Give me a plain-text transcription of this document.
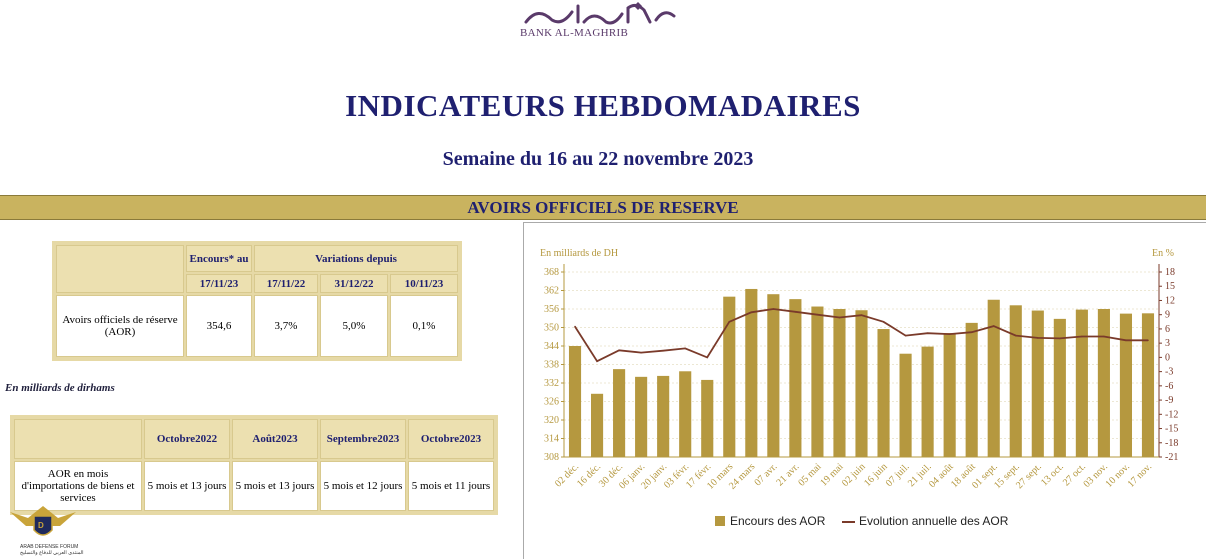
BANK AL-MAGHRIB
INDICATEURS HEBDOMADAIRES
Semaine du 16 au 22 novembre 2023
AVOIRS OFFICIELS DE RESERVE
	Encours* au	Variations depuis		
	17/11/23	17/11/22	31/12/22	10/11/23
Avoirs officiels de réserve (AOR)	354,6	3,7%	5,0%	0,1%
En milliards de dirhams
	Octobre2022	Août2023	Septembre2023	Octobre2023
AOR en mois d'importations de biens et services	5 mois et 13 jours	5 mois et 13 jours	5 mois et 12 jours	5 mois et 11 jours
D
ARAB DEFENSE FORUM
المنتدى العربي للدفاع والتسليح
En milliards de DH	En %
308
314
320
326
332
338
344
350
356
362
368	18
15
12
9
6
3
0
-3
-6
-9
-12
-15
-18
-21
02 déc.
16 déc.
30 déc.
06 janv.
20 janv.
03 févr.
17 févr.
10 mars
24 mars
07 avr.
21 avr.
05 mai
19 mai
02 juin
16 juin
07 juil.
21 juil.
04 août
18 août
01 sept.
15 sept.
27 sept.
13 oct.
27 oct.
03 nov.
10 nov.
17 nov.
Encours des AOR	Evolution annuelle des AOR
